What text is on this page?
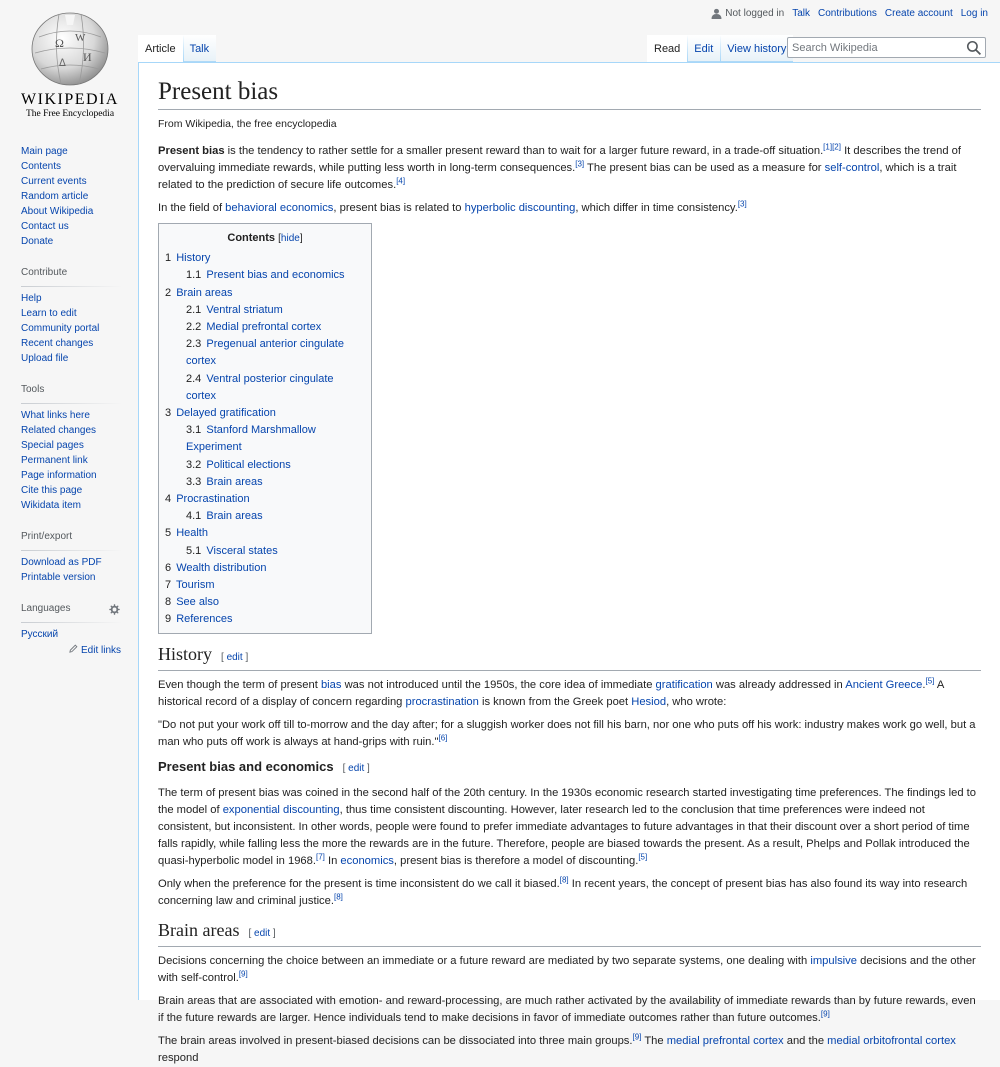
Ω W
И
ᐃ
WIKIPEDIA
The Free Encyclopedia
Main page
Contents
Current events
Random article
About Wikipedia
Contact us
Donate
Contribute
Help
Learn to edit
Community portal
Recent changes
Upload file
Tools
What links here
Related changes
Special pages
Permanent link
Page information
Cite this page
Wikidata item
Print/export
Download as PDF
Printable version
Languages
Русский
Edit links
Not logged in Talk Contributions Create account Log in
Article	Talk	Read	Edit	View history
Search Wikipedia
Present bias
From Wikipedia, the free encyclopedia

Present bias is the tendency to rather settle for a smaller present reward than to wait for a larger future reward, in a trade-off situation.[1][2] It describes the trend of overvaluing immediate rewards, while putting less worth in long-term consequences.[3] The present bias can be used as a measure for self-control, which is a trait related to the prediction of secure life outcomes.[4]

In the field of behavioral economics, present bias is related to hyperbolic discounting, which differ in time consistency.[3]

Contents [hide]
1 History
1.1 Present bias and economics
2 Brain areas
2.1 Ventral striatum
2.2 Medial prefrontal cortex
2.3 Pregenual anterior cingulate cortex
2.4 Ventral posterior cingulate cortex
3 Delayed gratification
3.1 Stanford Marshmallow Experiment
3.2 Political elections
3.3 Brain areas
4 Procrastination
4.1 Brain areas
5 Health
5.1 Visceral states
6 Wealth distribution
7 Tourism
8 See also
9 References
History [ edit ]

Even though the term of present bias was not introduced until the 1950s, the core idea of immediate gratification was already addressed in Ancient Greece.[5] A historical record of a display of concern regarding procrastination is known from the Greek poet Hesiod, who wrote:

"Do not put your work off till to-morrow and the day after; for a sluggish worker does not fill his barn, nor one who puts off his work: industry makes work go well, but a man who puts off work is always at hand-grips with ruin."[6]

Present bias and economics [ edit ]

The term of present bias was coined in the second half of the 20th century. In the 1930s economic research started investigating time preferences. The findings led to the model of exponential discounting, thus time consistent discounting. However, later research led to the conclusion that time preferences were indeed not consistent, but inconsistent. In other words, people were found to prefer immediate advantages to future advantages in that their discount over a short period of time falls rapidly, while falling less the more the rewards are in the future. Therefore, people are biased towards the present. As a result, Phelps and Pollak introduced the quasi-hyperbolic model in 1968.[7] In economics, present bias is therefore a model of discounting.[5]

Only when the preference for the present is time inconsistent do we call it biased.[8] In recent years, the concept of present bias has also found its way into research concerning law and criminal justice.[8]

Brain areas [ edit ]

Decisions concerning the choice between an immediate or a future reward are mediated by two separate systems, one dealing with impulsive decisions and the other with self-control.[9]

Brain areas that are associated with emotion- and reward-processing, are much rather activated by the availability of immediate rewards than by future rewards, even if the future rewards are larger. Hence individuals tend to make decisions in favor of immediate outcomes rather than future outcomes.[9]

The brain areas involved in present-biased decisions can be dissociated into three main groups.[9] The medial prefrontal cortex and the medial orbitofrontal cortex respond
